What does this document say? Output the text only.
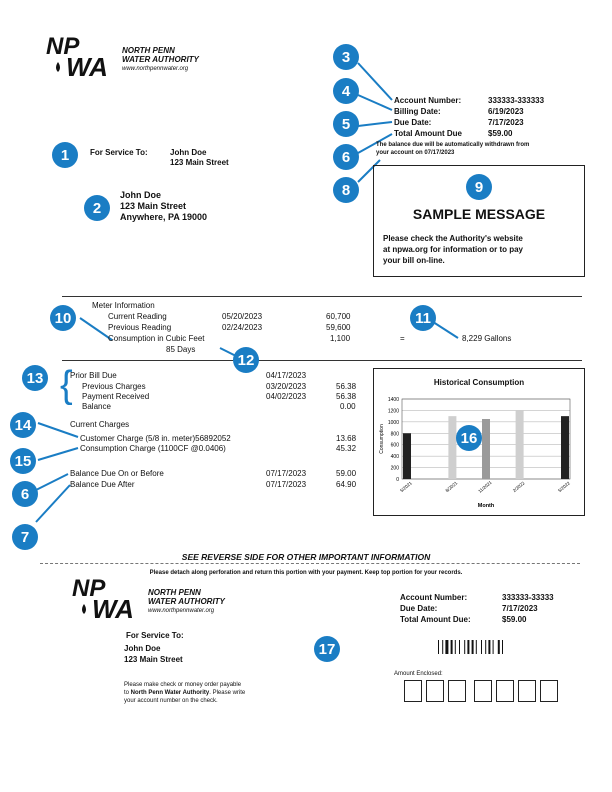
NP
WA
NORTH PENN
WATER AUTHORITY
www.northpennwater.org
3
4
5
6
8
Account Number:	333333-333333
Billing Date:	6/19/2023
Due Date:	7/17/2023
Total Amount Due	$59.00
The balance due will be automatically withdrawn from
your account on 07/17/2023
1	For Service To:	John Doe
123 Main Street
2
John Doe
123 Main Street
Anywhere, PA 19000
9
SAMPLE MESSAGE
Please check the Authority's website
at npwa.org for information or to pay
your bill on-line.
Meter Information
Current Reading	05/20/2023	60,700
Previous Reading	02/24/2023	59,600
Consumption in Cubic Feet	1,100	=	8,229 Gallons
85 Days
10	11
12
13 {
Prior Bill Due	04/17/2023
Previous Charges	03/20/2023	56.38
Payment Received	04/02/2023	56.38
Balance	0.00
14
15
Current Charges
Customer Charge (5/8 in. meter)56892052	13.68
Consumption Charge (1100CF @0.0406)	45.32
6
7
Balance Due On or Before	07/17/2023	59.00
Balance Due After	07/17/2023	64.90
Historical Consumption
0
200
400
600
800
1000
1200
1400
5/2021	8/2021	11/2021	2/2022	5/2022
Month
Consumption	16
SEE REVERSE SIDE FOR OTHER IMPORTANT INFORMATION
Please detach along perforation and return this portion with your payment. Keep top portion for your records.
NP
WA
NORTH PENN
WATER AUTHORITY
www.northpennwater.org
Account Number:	333333-33333
Due Date:	7/17/2023
Total Amount Due:	$59.00
For Service To:
John Doe
123 Main Street
17
Please make check or money order payable
to North Penn Water Authority. Please write
your account number on the check.
Amount Enclosed:
